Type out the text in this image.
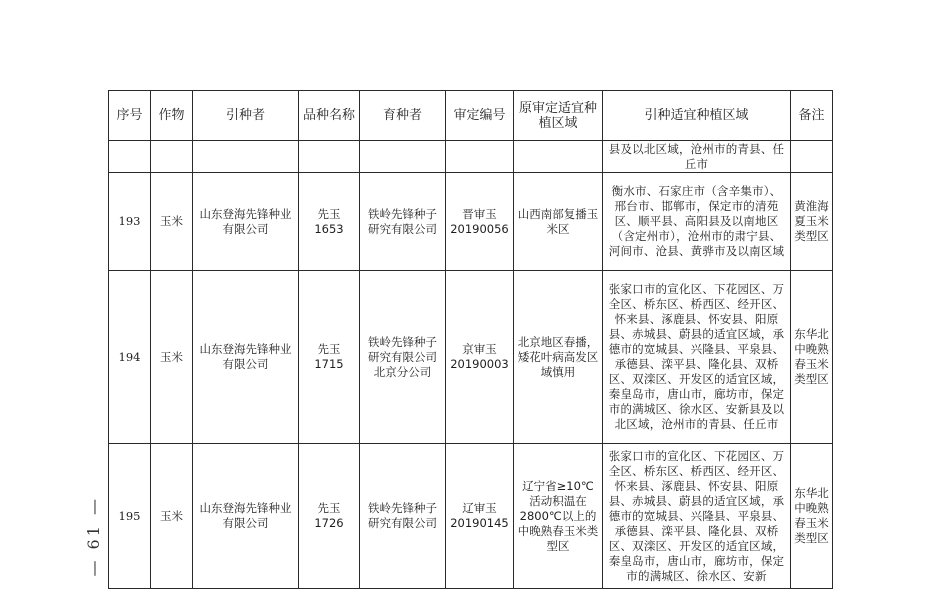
— 61 —
序号	作物	引种者	品种名称	育种者	审定编号	原审定适宜种植区域	引种适宜种植区域	备注
							县及以北区域，沧州市的青县、任丘市	
193	玉米	山东登海先锋种业有限公司	先玉 1653	铁岭先锋种子研究有限公司	晋审玉 20190056	山西南部复播玉米区	衡水市、石家庄市（含辛集市）、邢台市、邯郸市，保定市的清苑区、顺平县、高阳县及以南地区（含定州市），沧州市的肃宁县、河间市、沧县、黄骅市及以南区域	黄淮海夏玉米类型区
194	玉米	山东登海先锋种业有限公司	先玉 1715	铁岭先锋种子研究有限公司北京分公司	京审玉 20190003	北京地区春播，矮花叶病高发区域慎用	张家口市的宣化区、下花园区、万全区、桥东区、桥西区、经开区、怀来县、涿鹿县、怀安县、阳原县、赤城县、蔚县的适宜区域，承德市的宽城县、兴隆县、平泉县、承德县、滦平县、隆化县、双桥区、双滦区、开发区的适宜区域，秦皇岛市，唐山市，廊坊市，保定市的满城区、徐水区、安新县及以北区域，沧州市的青县、任丘市	东华北中晚熟春玉米类型区
195	玉米	山东登海先锋种业有限公司	先玉 1726	铁岭先锋种子研究有限公司	辽审玉 20190145	辽宁省≥10℃活动积温在2800℃以上的中晚熟春玉米类型区	张家口市的宣化区、下花园区、万全区、桥东区、桥西区、经开区、怀来县、涿鹿县、怀安县、阳原县、赤城县、蔚县的适宜区域，承德市的宽城县、兴隆县、平泉县、承德县、滦平县、隆化县、双桥区、双滦区、开发区的适宜区域，秦皇岛市，唐山市，廊坊市，保定市的满城区、徐水区、安新	东华北中晚熟春玉米类型区
